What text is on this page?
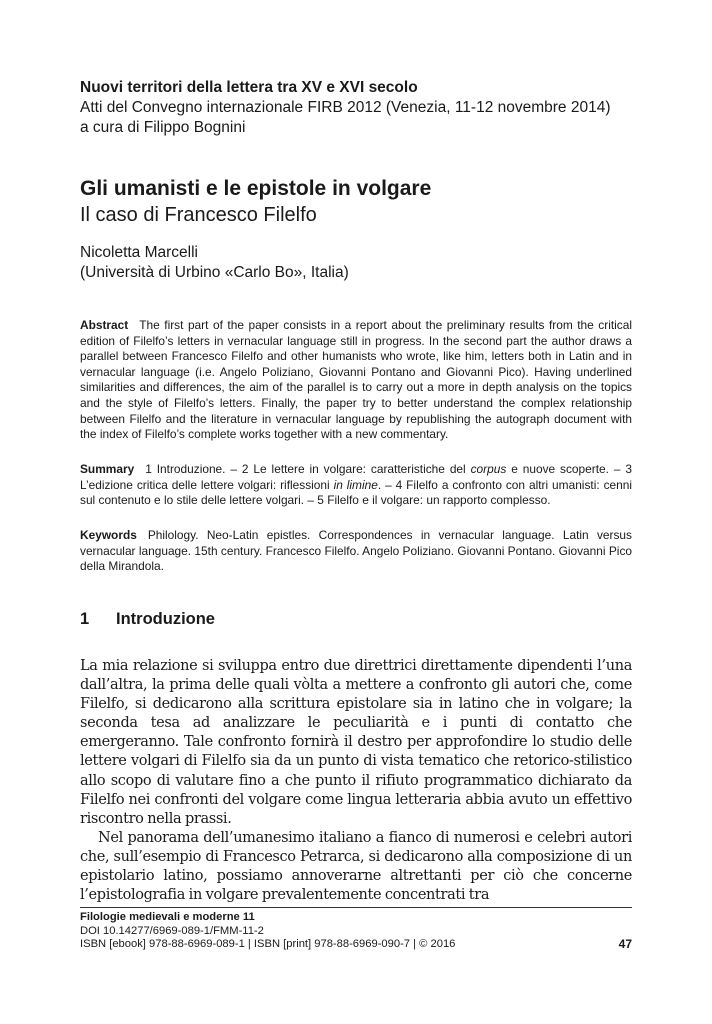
Nuovi territori della lettera tra XV e XVI secolo
Atti del Convegno internazionale FIRB 2012 (Venezia, 11-12 novembre 2014)
a cura di Filippo Bognini
Gli umanisti e le epistole in volgare
Il caso di Francesco Filelfo
Nicoletta Marcelli
(Università di Urbino «Carlo Bo», Italia)
Abstract The first part of the paper consists in a report about the preliminary results from the critical edition of Filelfo’s letters in vernacular language still in progress. In the second part the author draws a parallel between Francesco Filelfo and other humanists who wrote, like him, letters both in Latin and in vernacular language (i.e. Angelo Poliziano, Giovanni Pontano and Giovanni Pico). Having underlined similarities and differences, the aim of the parallel is to carry out a more in depth analysis on the topics and the style of Filelfo’s letters. Finally, the paper try to better understand the complex relationship between Filelfo and the literature in vernacular language by republishing the autograph document with the index of Filelfo’s complete works together with a new commentary.
Summary 1 Introduzione. – 2 Le lettere in volgare: caratteristiche del corpus e nuove scoperte. – 3 L’edizione critica delle lettere volgari: riflessioni in limine. – 4 Filelfo a confronto con altri umanisti: cenni sul contenuto e lo stile delle lettere volgari. – 5 Filelfo e il volgare: un rapporto complesso.
Keywords Philology. Neo-Latin epistles. Correspondences in vernacular language. Latin versus vernacular language. 15th century. Francesco Filelfo. Angelo Poliziano. Giovanni Pontano. Giovanni Pico della Mirandola.
1 Introduzione

La mia relazione si sviluppa entro due direttrici direttamente dipendenti l’una dall’altra, la prima delle quali vòlta a mettere a confronto gli autori che, come Filelfo, si dedicarono alla scrittura epistolare sia in latino che in volgare; la seconda tesa ad analizzare le peculiarità e i punti di contatto che emergeranno. Tale confronto fornirà il destro per approfondire lo studio delle lettere volgari di Filelfo sia da un punto di vista tematico che retorico-stilistico allo scopo di valutare fino a che punto il rifiuto programmatico dichiarato da Filelfo nei confronti del volgare come lingua letteraria abbia avuto un effettivo riscontro nella prassi.

Nel panorama dell’umanesimo italiano a fianco di numerosi e celebri autori che, sull’esempio di Francesco Petrarca, si dedicarono alla composizione di un epistolario latino, possiamo annoverarne altrettanti per ciò che concerne l’epistolografia in volgare prevalentemente concentrati tra

Filologie medievali e moderne 11
DOI 10.14277/6969-089-1/FMM-11-2
ISBN [ebook] 978-88-6969-089-1 | ISBN [print] 978-88-6969-090-7 | © 2016	47
